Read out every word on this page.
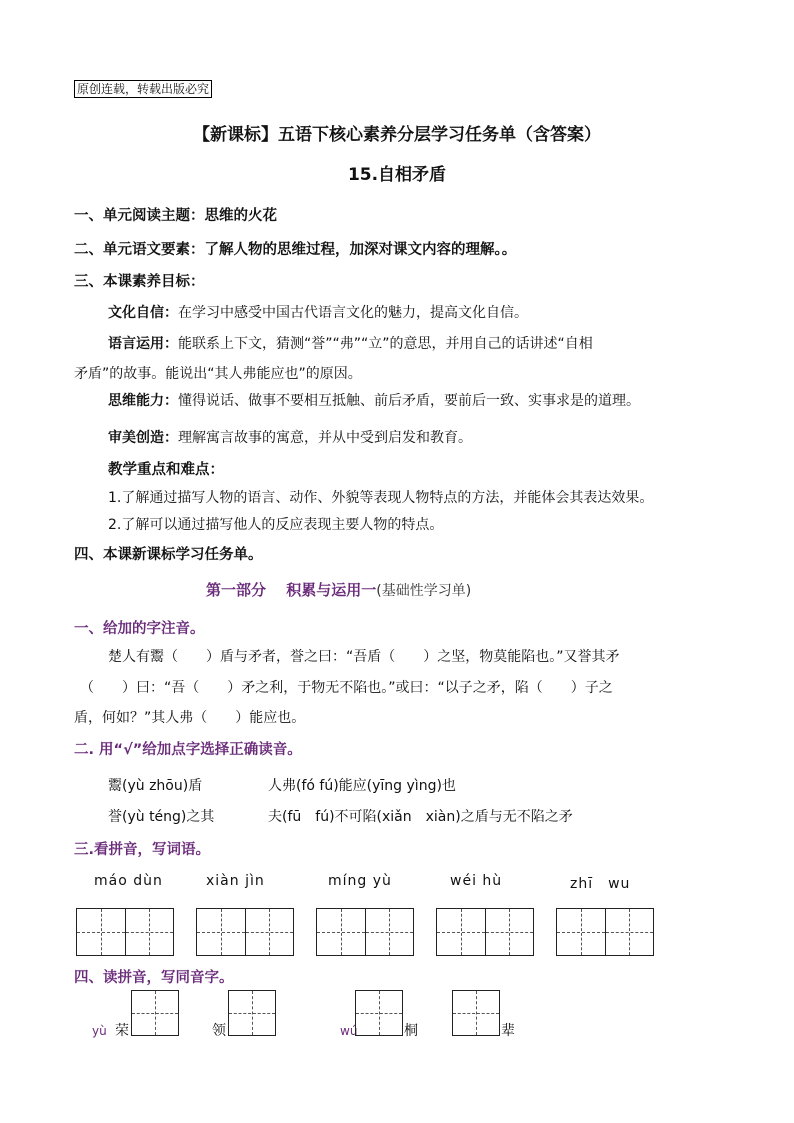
原创连载，转载出版必究
【新课标】五语下核心素养分层学习任务单（含答案）
15.自相矛盾
一、单元阅读主题：思维的火花
二、单元语文要素：了解人物的思维过程，加深对课文内容的理解。。
三、本课素养目标：
文化自信：在学习中感受中国古代语言文化的魅力，提高文化自信。
语言运用：能联系上下文，猜测“誉”“弗”“立”的意思，并用自己的话讲述“自相
矛盾”的故事。能说出“其人弗能应也”的原因。
思维能力：懂得说话、做事不要相互抵触、前后矛盾，要前后一致、实事求是的道理。
审美创造：理解寓言故事的寓意，并从中受到启发和教育。
教学重点和难点：
1.了解通过描写人物的语言、动作、外貌等表现人物特点的方法，并能体会其表达效果。
2.了解可以通过描写他人的反应表现主要人物的特点。
四、本课新课标学习任务单。
第一部分　 积累与运用一(基础性学习单)
一、给加的字注音。
楚人有鬻（　　）盾与矛者，誉之曰：“吾盾（　　）之坚，物莫能陷也。”又誉其矛
（　　）曰：“吾（　　）矛之利，于物无不陷也。”或曰：“以子之矛，陷（　　）子之
盾，何如？”其人弗（　　）能应也。
二. 用“√”给加点字选择正确读音。
鬻(yù zhōu)盾	人弗(fó fú)能应(yīng yìng)也
誉(yù téng)之其	夫(fū　fú)不可陷(xiǎn　xiàn)之盾与无不陷之矛
三.看拼音，写词语。
máo dùn	xiàn jìn	míng yù	wéi hù	zhī　wu
四、读拼音，写同音字。
yù 荣	领	wú	桐	辈
